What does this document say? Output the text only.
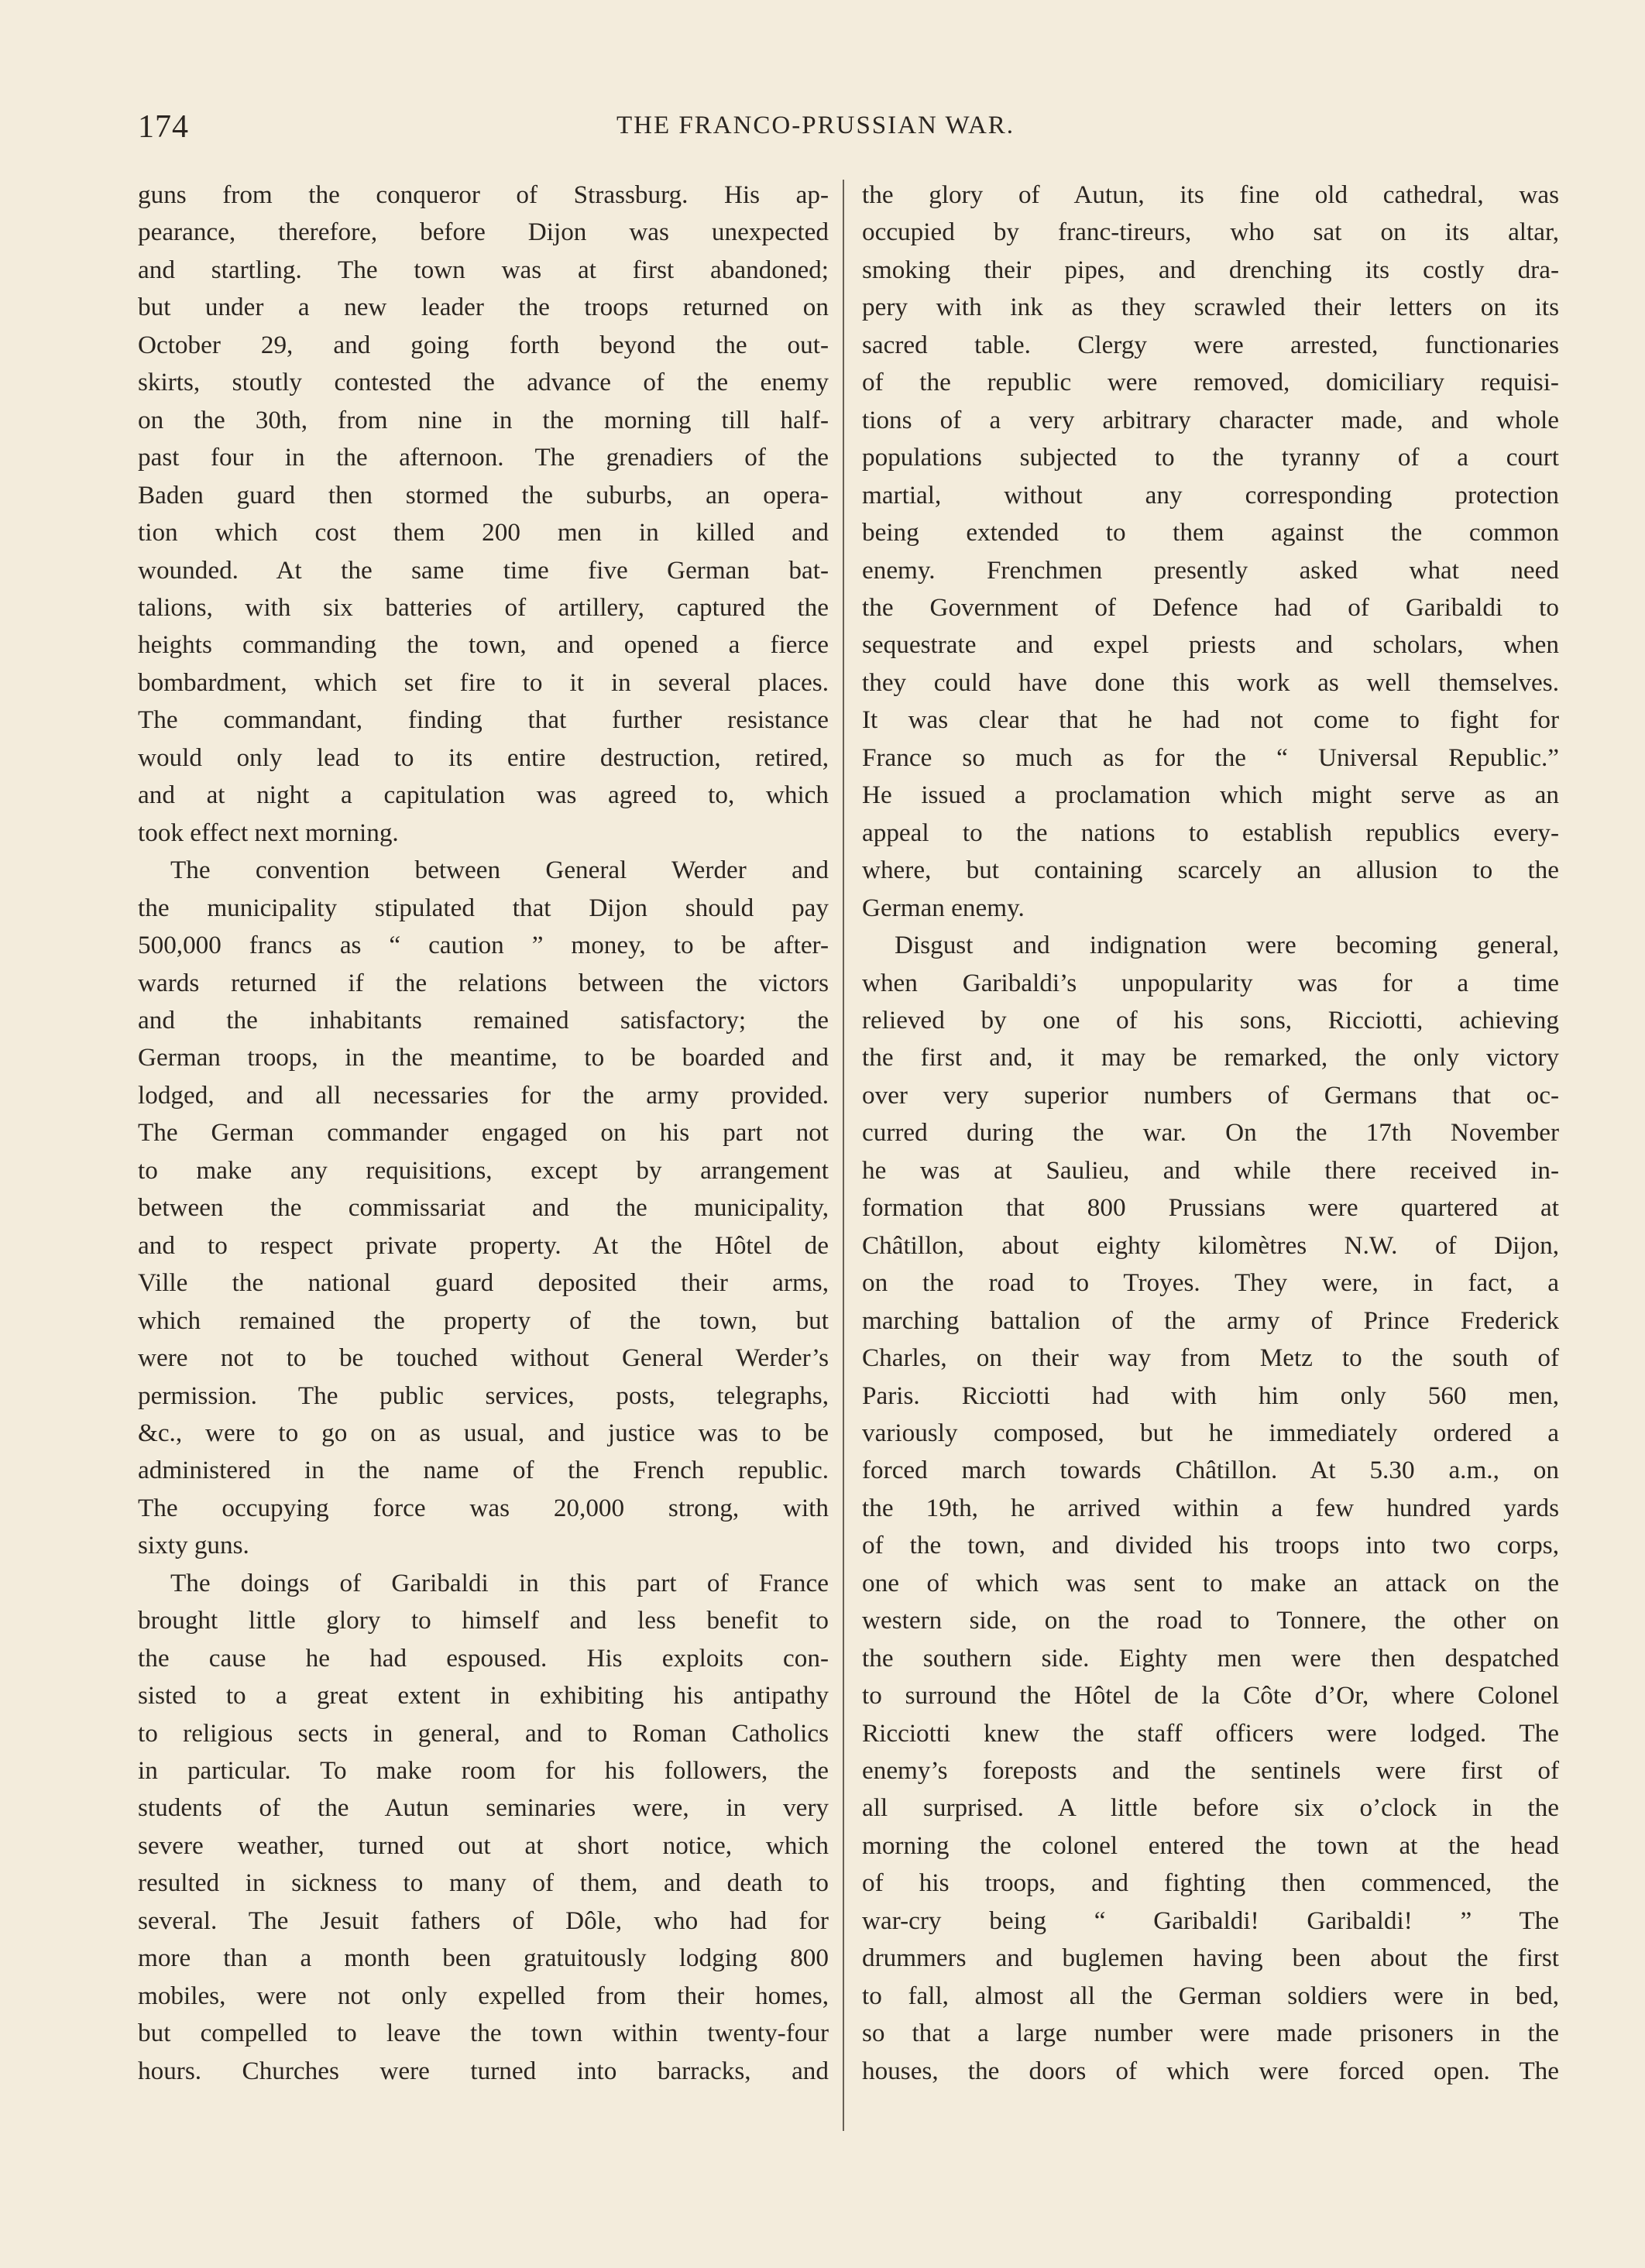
174	THE FRANCO-PRUSSIAN WAR.
guns from the conqueror of Strassburg. His ap-
pearance, therefore, before Dijon was unexpected
and startling. The town was at first abandoned;
but under a new leader the troops returned on
October 29, and going forth beyond the out-
skirts, stoutly contested the advance of the enemy
on the 30th, from nine in the morning till half-
past four in the afternoon. The grenadiers of the
Baden guard then stormed the suburbs, an opera-
tion which cost them 200 men in killed and
wounded. At the same time five German bat-
talions, with six batteries of artillery, captured the
heights commanding the town, and opened a fierce
bombardment, which set fire to it in several places.
The commandant, finding that further resistance
would only lead to its entire destruction, retired,
and at night a capitulation was agreed to, which
took effect next morning.
The convention between General Werder and
the municipality stipulated that Dijon should pay
500,000 francs as “ caution ” money, to be after-
wards returned if the relations between the victors
and the inhabitants remained satisfactory; the
German troops, in the meantime, to be boarded and
lodged, and all necessaries for the army provided.
The German commander engaged on his part not
to make any requisitions, except by arrangement
between the commissariat and the municipality,
and to respect private property. At the Hôtel de
Ville the national guard deposited their arms,
which remained the property of the town, but
were not to be touched without General Werder’s
permission. The public services, posts, telegraphs,
&c., were to go on as usual, and justice was to be
administered in the name of the French republic.
The occupying force was 20,000 strong, with
sixty guns.
The doings of Garibaldi in this part of France
brought little glory to himself and less benefit to
the cause he had espoused. His exploits con-
sisted to a great extent in exhibiting his antipathy
to religious sects in general, and to Roman Catholics
in particular. To make room for his followers, the
students of the Autun seminaries were, in very
severe weather, turned out at short notice, which
resulted in sickness to many of them, and death to
several. The Jesuit fathers of Dôle, who had for
more than a month been gratuitously lodging 800
mobiles, were not only expelled from their homes,
but compelled to leave the town within twenty-four
hours. Churches were turned into barracks, and
the glory of Autun, its fine old cathedral, was
occupied by franc-tireurs, who sat on its altar,
smoking their pipes, and drenching its costly dra-
pery with ink as they scrawled their letters on its
sacred table. Clergy were arrested, functionaries
of the republic were removed, domiciliary requisi-
tions of a very arbitrary character made, and whole
populations subjected to the tyranny of a court
martial, without any corresponding protection
being extended to them against the common
enemy. Frenchmen presently asked what need
the Government of Defence had of Garibaldi to
sequestrate and expel priests and scholars, when
they could have done this work as well themselves.
It was clear that he had not come to fight for
France so much as for the “ Universal Republic.”
He issued a proclamation which might serve as an
appeal to the nations to establish republics every-
where, but containing scarcely an allusion to the
German enemy.
Disgust and indignation were becoming general,
when Garibaldi’s unpopularity was for a time
relieved by one of his sons, Ricciotti, achieving
the first and, it may be remarked, the only victory
over very superior numbers of Germans that oc-
curred during the war. On the 17th November
he was at Saulieu, and while there received in-
formation that 800 Prussians were quartered at
Châtillon, about eighty kilomètres N.W. of Dijon,
on the road to Troyes. They were, in fact, a
marching battalion of the army of Prince Frederick
Charles, on their way from Metz to the south of
Paris. Ricciotti had with him only 560 men,
variously composed, but he immediately ordered a
forced march towards Châtillon. At 5.30 a.m., on
the 19th, he arrived within a few hundred yards
of the town, and divided his troops into two corps,
one of which was sent to make an attack on the
western side, on the road to Tonnere, the other on
the southern side. Eighty men were then despatched
to surround the Hôtel de la Côte d’Or, where Colonel
Ricciotti knew the staff officers were lodged. The
enemy’s foreposts and the sentinels were first of
all surprised. A little before six o’clock in the
morning the colonel entered the town at the head
of his troops, and fighting then commenced, the
war-cry being “ Garibaldi! Garibaldi! ” The
drummers and buglemen having been about the first
to fall, almost all the German soldiers were in bed,
so that a large number were made prisoners in the
houses, the doors of which were forced open. The
